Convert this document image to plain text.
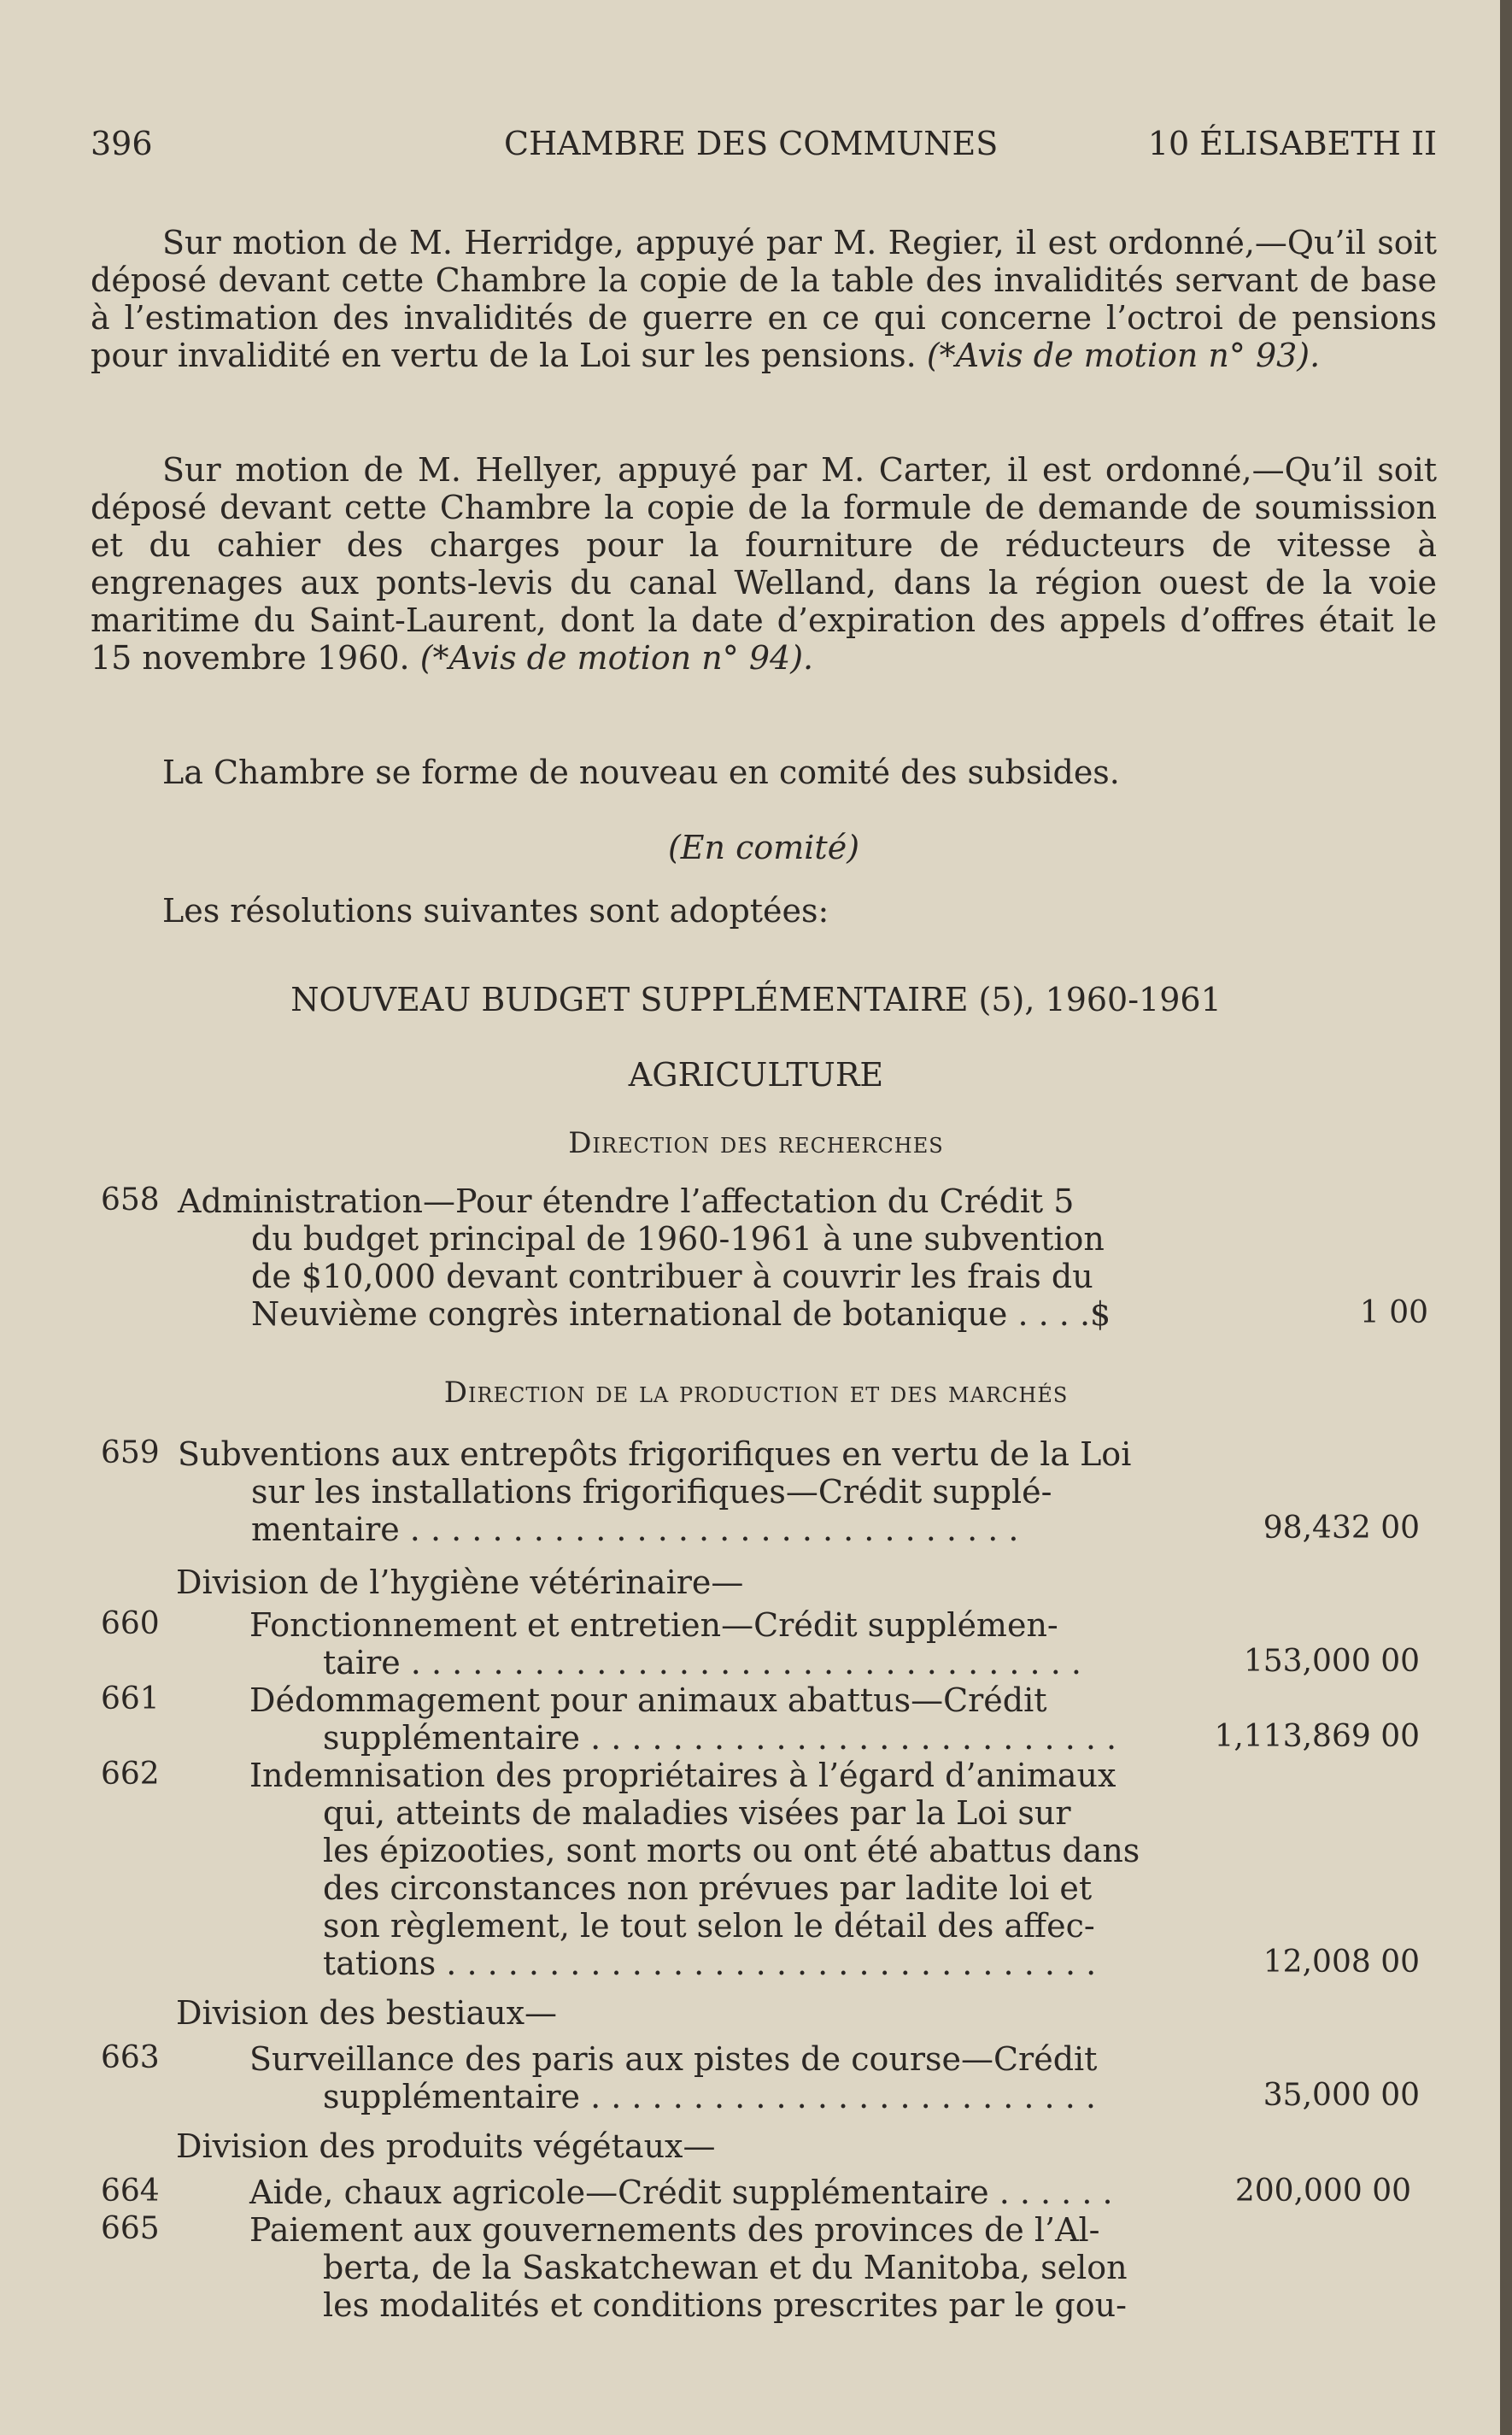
396	CHAMBRE DES COMMUNES	10 ÉLISABETH II

Sur motion de M. Herridge, appuyé par M. Regier, il est ordonné,—Qu’il soit déposé devant cette Chambre la copie de la table des invalidités servant de base à l’estimation des invalidités de guerre en ce qui concerne l’octroi de pensions pour invalidité en vertu de la Loi sur les pensions. (*Avis de motion n° 93).

Sur motion de M. Hellyer, appuyé par M. Carter, il est ordonné,—Qu’il soit déposé devant cette Chambre la copie de la formule de demande de soumission et du cahier des charges pour la fourniture de réducteurs de vitesse à engrenages aux ponts-levis du canal Welland, dans la région ouest de la voie maritime du Saint-Laurent, dont la date d’expiration des appels d’offres était le 15 novembre 1960. (*Avis de motion n° 94).

La Chambre se forme de nouveau en comité des subsides.
(En comité)
Les résolutions suivantes sont adoptées:
NOUVEAU BUDGET SUPPLÉMENTAIRE (5), 1960-1961
AGRICULTURE
Direction des recherches
658 Administration—Pour étendre l’affectation du Crédit 5
du budget principal de 1960-1961 à une subvention
de $10,000 devant contribuer à couvrir les frais du
Neuvième congrès international de botanique . . . .$	1 00
Direction de la production et des marchés
659 Subventions aux entrepôts frigorifiques en vertu de la Loi
sur les installations frigorifiques—Crédit supplé-
mentaire . . . . . . . . . . . . . . . . . . . . . . . . . . . . . .	98,432 00
Division de l’hygiène vétérinaire—
660	Fonctionnement et entretien—Crédit supplémen-
taire . . . . . . . . . . . . . . . . . . . . . . . . . . . . . . . . .	153,000 00
661	Dédommagement pour animaux abattus—Crédit
supplémentaire . . . . . . . . . . . . . . . . . . . . . . . . . .	1,113,869 00
662	Indemnisation des propriétaires à l’égard d’animaux
qui, atteints de maladies visées par la Loi sur
les épizooties, sont morts ou ont été abattus dans
des circonstances non prévues par ladite loi et
son règlement, le tout selon le détail des affec-
tations . . . . . . . . . . . . . . . . . . . . . . . . . . . . . . . .	12,008 00
Division des bestiaux—
663	Surveillance des paris aux pistes de course—Crédit
supplémentaire . . . . . . . . . . . . . . . . . . . . . . . . .	35,000 00
Division des produits végétaux—
664	Aide, chaux agricole—Crédit supplémentaire . . . . . .	200,000 00
665	Paiement aux gouvernements des provinces de l’Al-
berta, de la Saskatchewan et du Manitoba, selon
les modalités et conditions prescrites par le gou-
